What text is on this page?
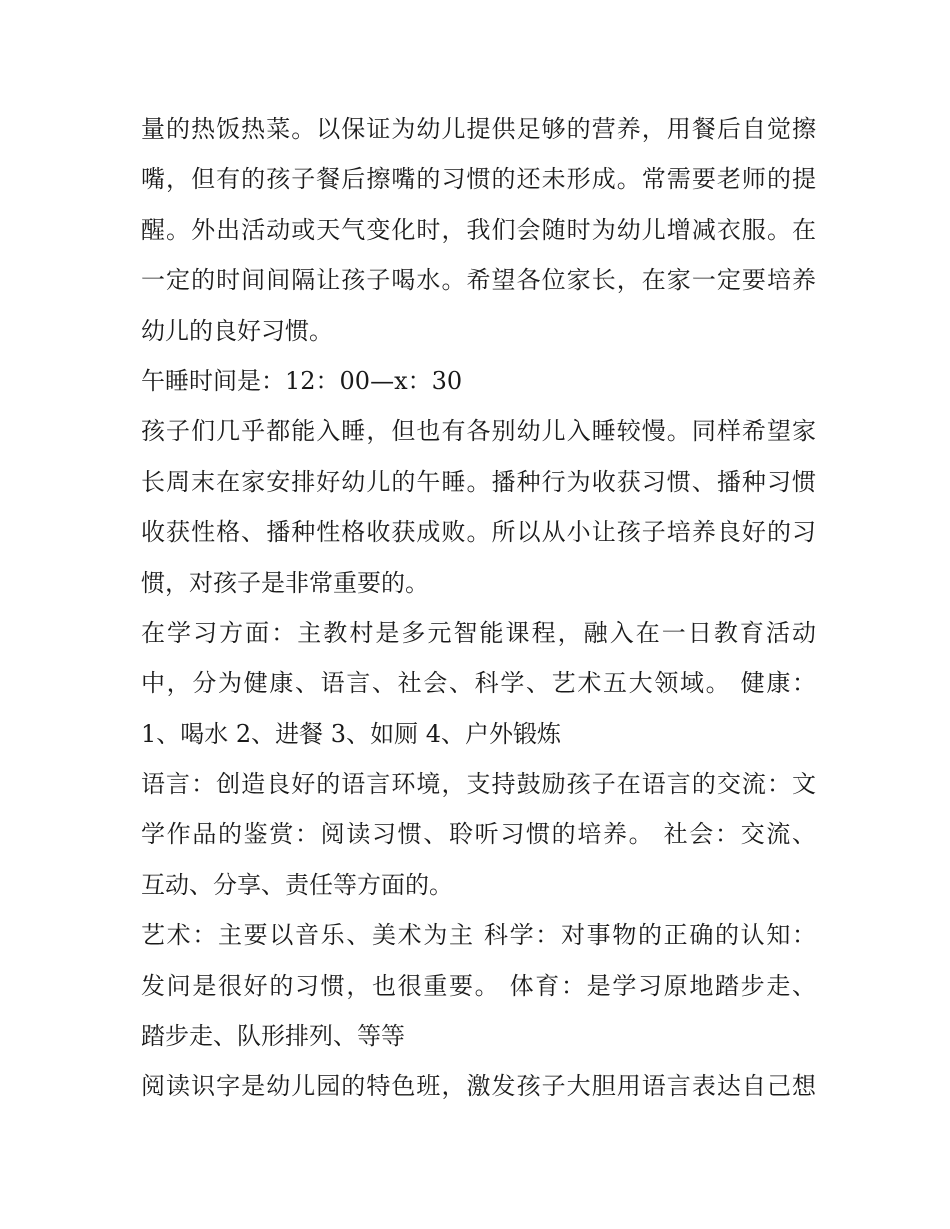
量的热饭热菜。以保证为幼儿提供足够的营养，用餐后自觉擦
嘴，但有的孩子餐后擦嘴的习惯的还未形成。常需要老师的提
醒。外出活动或天气变化时，我们会随时为幼儿增减衣服。在
一定的时间间隔让孩子喝水。希望各位家长，在家一定要培养
幼儿的良好习惯。
午睡时间是：12：00—x：30
孩子们几乎都能入睡，但也有各别幼儿入睡较慢。同样希望家
长周末在家安排好幼儿的午睡。播种行为收获习惯、播种习惯
收获性格、播种性格收获成败。所以从小让孩子培养良好的习
惯，对孩子是非常重要的。
在学习方面：主教村是多元智能课程，融入在一日教育活动
中，分为健康、语言、社会、科学、艺术五大领域。 健康：
1、喝水 2、进餐 3、如厕 4、户外锻炼
语言：创造良好的语言环境，支持鼓励孩子在语言的交流：文
学作品的鉴赏：阅读习惯、聆听习惯的培养。 社会：交流、
互动、分享、责任等方面的。
艺术：主要以音乐、美术为主 科学：对事物的正确的认知：
发问是很好的习惯，也很重要。 体育：是学习原地踏步走、
踏步走、队形排列、等等
阅读识字是幼儿园的特色班，激发孩子大胆用语言表达自己想
